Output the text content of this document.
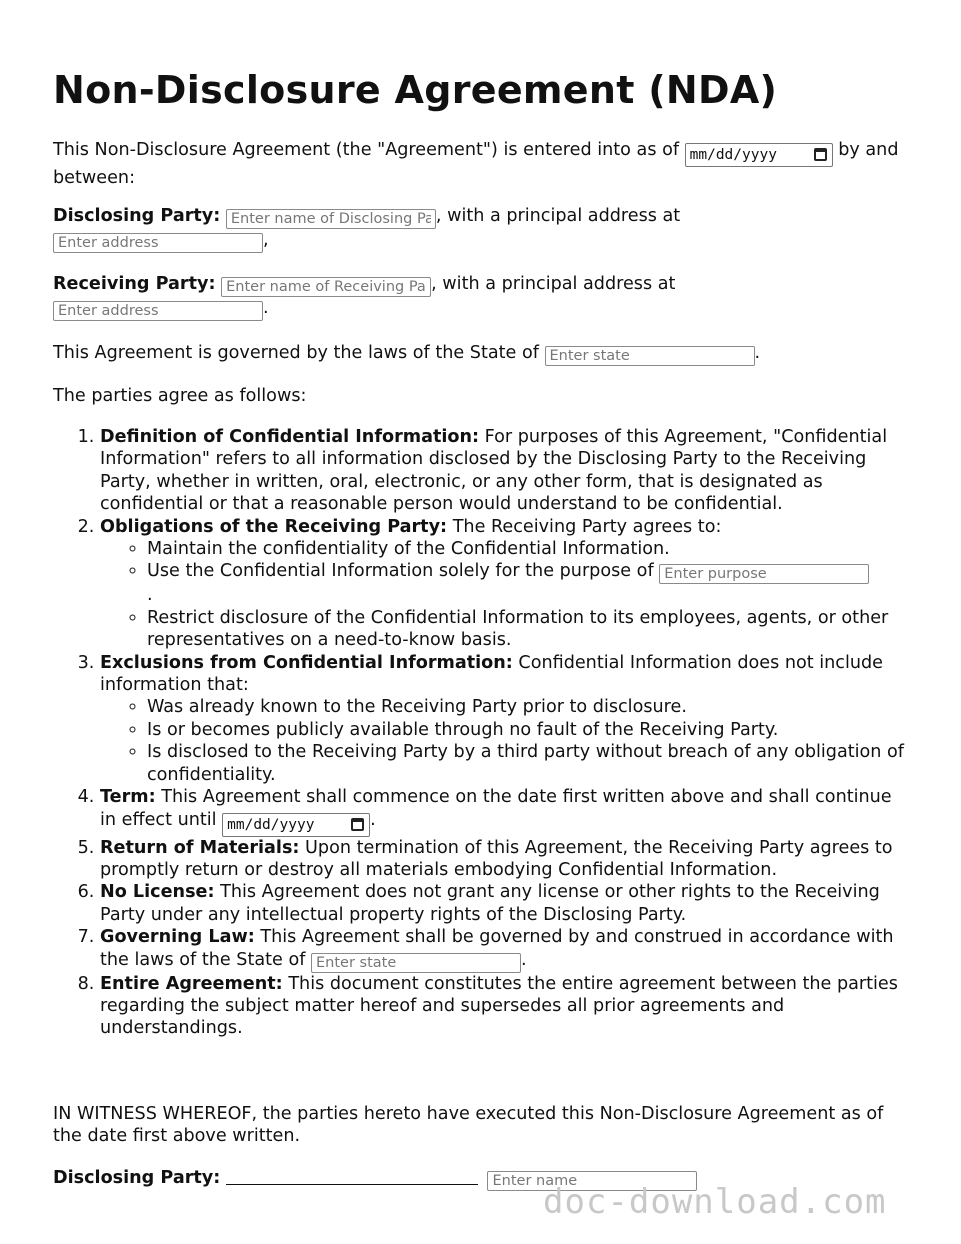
Non-Disclosure Agreement (NDA)

This Non-Disclosure Agreement (the "Agreement") is entered into as of mm/dd/yyyy	by and between:

Disclosing Party: Enter name of Disclosing Party	, with a principal address at
Enter address,

Receiving Party: Enter name of Receiving Party	, with a principal address at
Enter address.

This Agreement is governed by the laws of the State of Enter state	.

The parties agree as follows:

1. Definition of Confidential Information: For purposes of this Agreement, "Confidential Information" refers to all information disclosed by the Disclosing Party to the Receiving Party, whether in written, oral, electronic, or any other form, that is designated as confidential or that a reasonable person would understand to be confidential.
2. Obligations of the Receiving Party: The Receiving Party agrees to:
◦ Maintain the confidentiality of the Confidential Information.
◦ Use the Confidential Information solely for the purpose of Enter purpose
.
◦ Restrict disclosure of the Confidential Information to its employees, agents, or other representatives on a need-to-know basis.
3. Exclusions from Confidential Information: Confidential Information does not include information that:
◦ Was already known to the Receiving Party prior to disclosure.
◦ Is or becomes publicly available through no fault of the Receiving Party.
◦ Is disclosed to the Receiving Party by a third party without breach of any obligation of confidentiality.
4. Term: This Agreement shall commence on the date first written above and shall continue in effect until mm/dd/yyyy	.
5. Return of Materials: Upon termination of this Agreement, the Receiving Party agrees to promptly return or destroy all materials embodying Confidential Information.
6. No License: This Agreement does not grant any license or other rights to the Receiving Party under any intellectual property rights of the Disclosing Party.
7. Governing Law: This Agreement shall be governed by and construed in accordance with the laws of the State of Enter state	.
8. Entire Agreement: This document constitutes the entire agreement between the parties regarding the subject matter hereof and supersedes all prior agreements and understandings.

IN WITNESS WHEREOF, the parties hereto have executed this Non-Disclosure Agreement as of the date first above written.

Disclosing Party:  Enter name

doc-download.com
